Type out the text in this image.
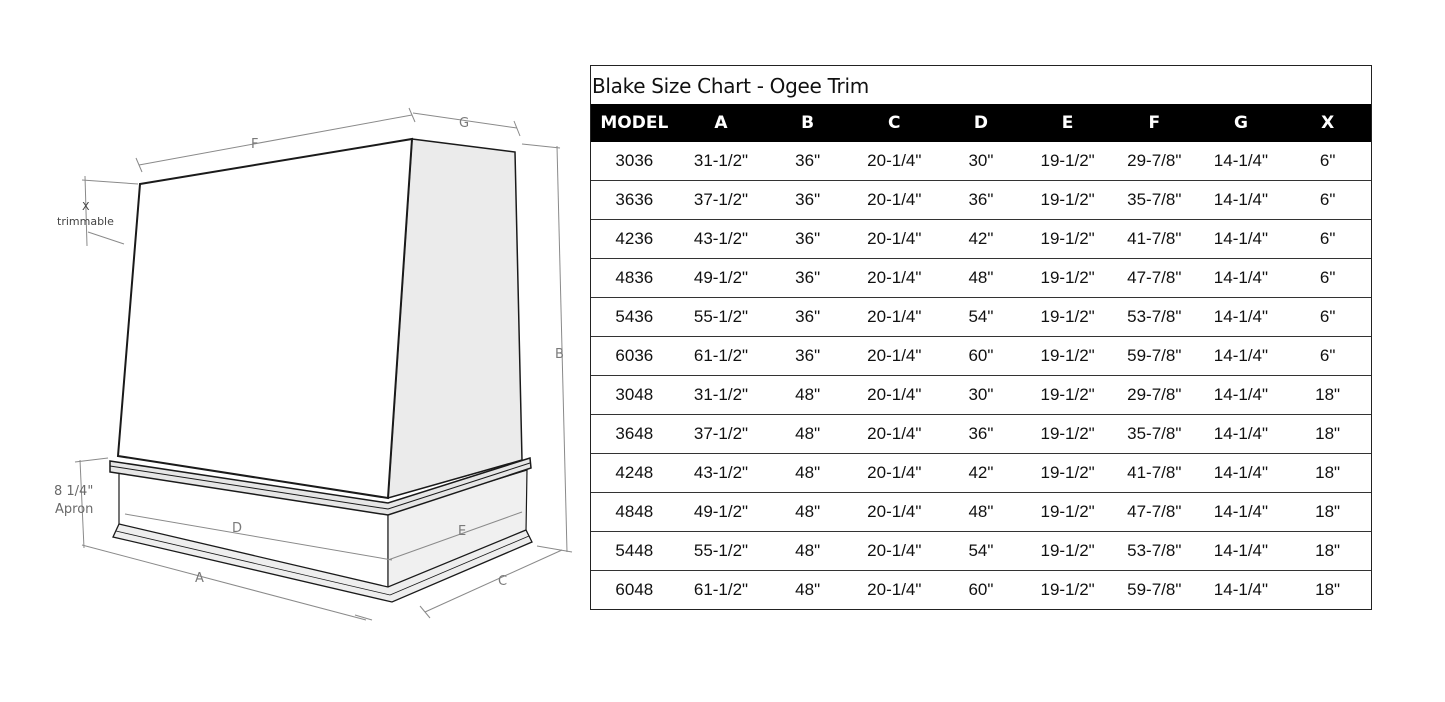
F
G
B
X
trimmable
8 1/4"
Apron
D	E
A	C
Blake Size Chart - Ogee Trim
MODEL	A	B	C	D	E	F	G	X
3036	31-1/2"	36"	20-1/4"	30"	19-1/2"	29-7/8"	14-1/4"	6"
3636	37-1/2"	36"	20-1/4"	36"	19-1/2"	35-7/8"	14-1/4"	6"
4236	43-1/2"	36"	20-1/4"	42"	19-1/2"	41-7/8"	14-1/4"	6"
4836	49-1/2"	36"	20-1/4"	48"	19-1/2"	47-7/8"	14-1/4"	6"
5436	55-1/2"	36"	20-1/4"	54"	19-1/2"	53-7/8"	14-1/4"	6"
6036	61-1/2"	36"	20-1/4"	60"	19-1/2"	59-7/8"	14-1/4"	6"
3048	31-1/2"	48"	20-1/4"	30"	19-1/2"	29-7/8"	14-1/4"	18"
3648	37-1/2"	48"	20-1/4"	36"	19-1/2"	35-7/8"	14-1/4"	18"
4248	43-1/2"	48"	20-1/4"	42"	19-1/2"	41-7/8"	14-1/4"	18"
4848	49-1/2"	48"	20-1/4"	48"	19-1/2"	47-7/8"	14-1/4"	18"
5448	55-1/2"	48"	20-1/4"	54"	19-1/2"	53-7/8"	14-1/4"	18"
6048	61-1/2"	48"	20-1/4"	60"	19-1/2"	59-7/8"	14-1/4"	18"
